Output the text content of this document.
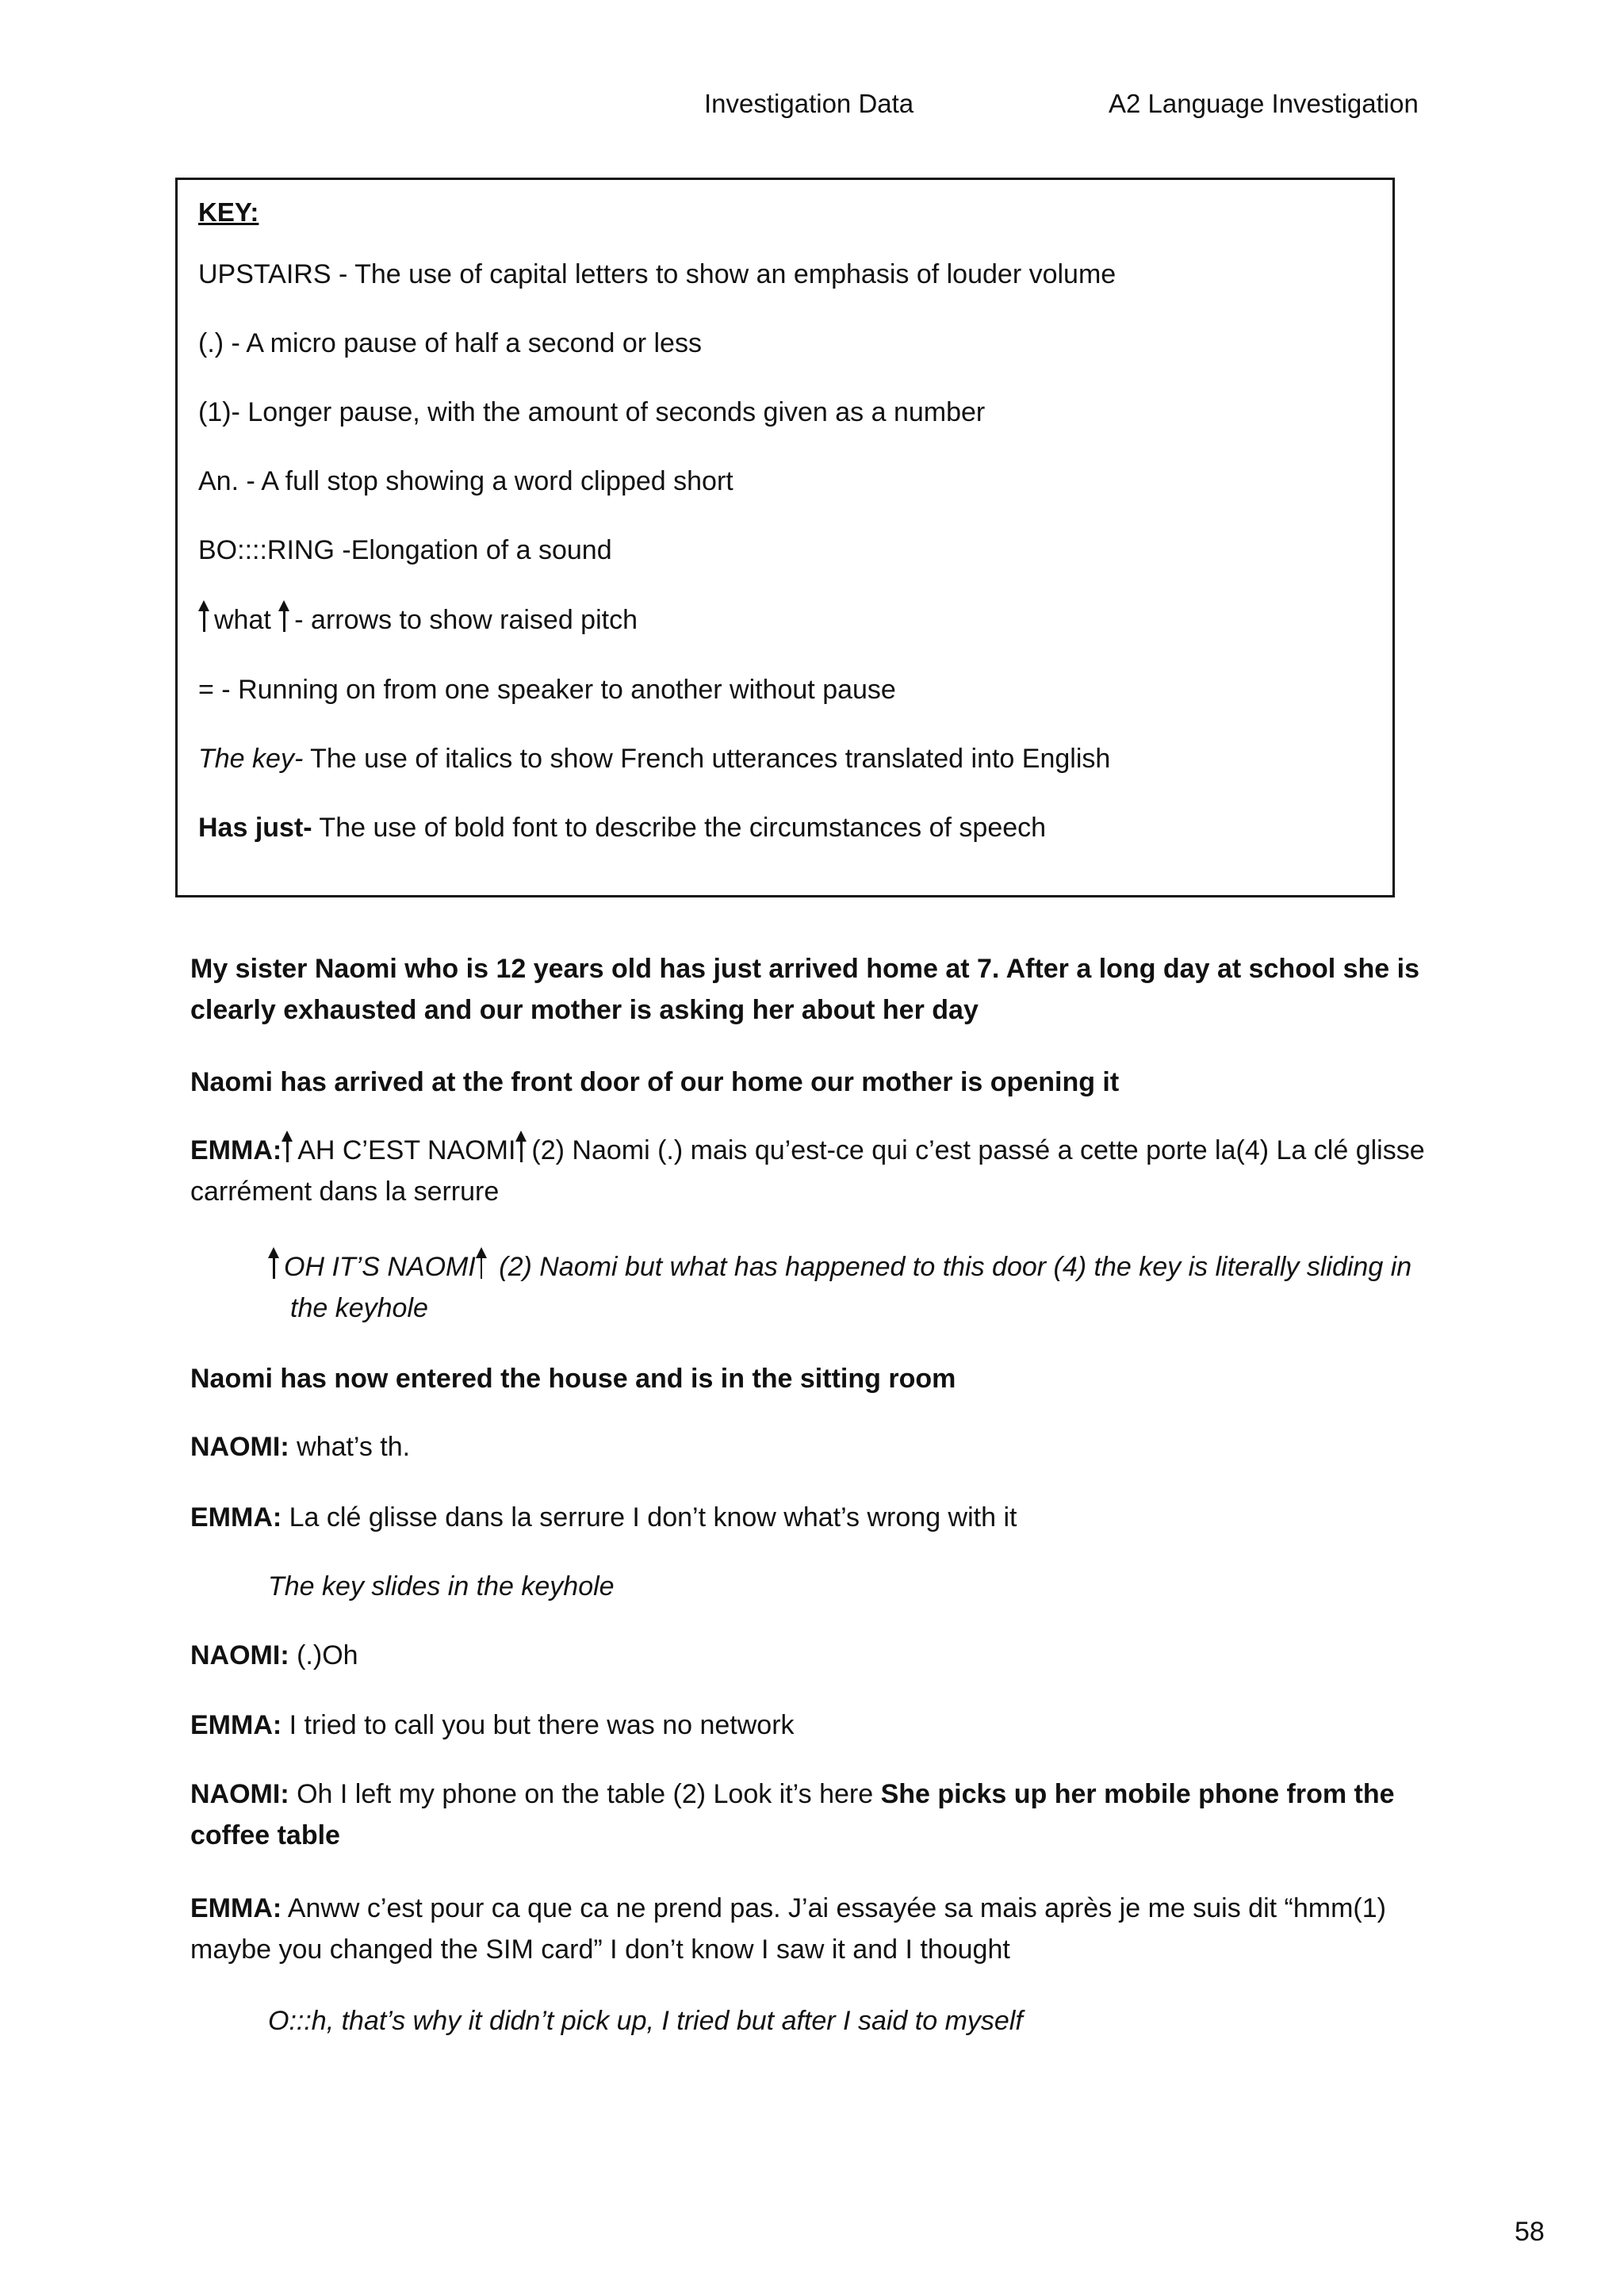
Investigation Data	A2 Language Investigation
KEY:
UPSTAIRS - The use of capital letters to show an emphasis of louder volume
(.) - A micro pause of half a second or less
(1)- Longer pause, with the amount of seconds given as a number
An. - A full stop showing a word clipped short
BO::::RING -Elongation of a sound
what - arrows to show raised pitch
= - Running on from one speaker to another without pause
The key- The use of italics to show French utterances translated into English
Has just- The use of bold font to describe the circumstances of speech
My sister Naomi who is 12 years old has just arrived home at 7. After a long day at school she is clearly exhausted and our mother is asking her about her day
Naomi has arrived at the front door of our home our mother is opening it
EMMA: AH C’EST NAOMI (2) Naomi (.) mais qu’est-ce qui c’est passé a cette porte la(4) La clé glisse carrément dans la serrure
OH IT’S NAOMI (2) Naomi but what has happened to this door (4) the key is literally sliding in the keyhole
Naomi has now entered the house and is in the sitting room
NAOMI: what’s th.
EMMA: La clé glisse dans la serrure I don’t know what’s wrong with it
The key slides in the keyhole
NAOMI: (.)Oh
EMMA: I tried to call you but there was no network
NAOMI: Oh I left my phone on the table (2) Look it’s here She picks up her mobile phone from the coffee table
EMMA: Anww c’est pour ca que ca ne prend pas. J’ai essayée sa mais après je me suis dit “hmm(1) maybe you changed the SIM card” I don’t know I saw it and I thought
O:::h, that’s why it didn’t pick up, I tried but after I said to myself
58
